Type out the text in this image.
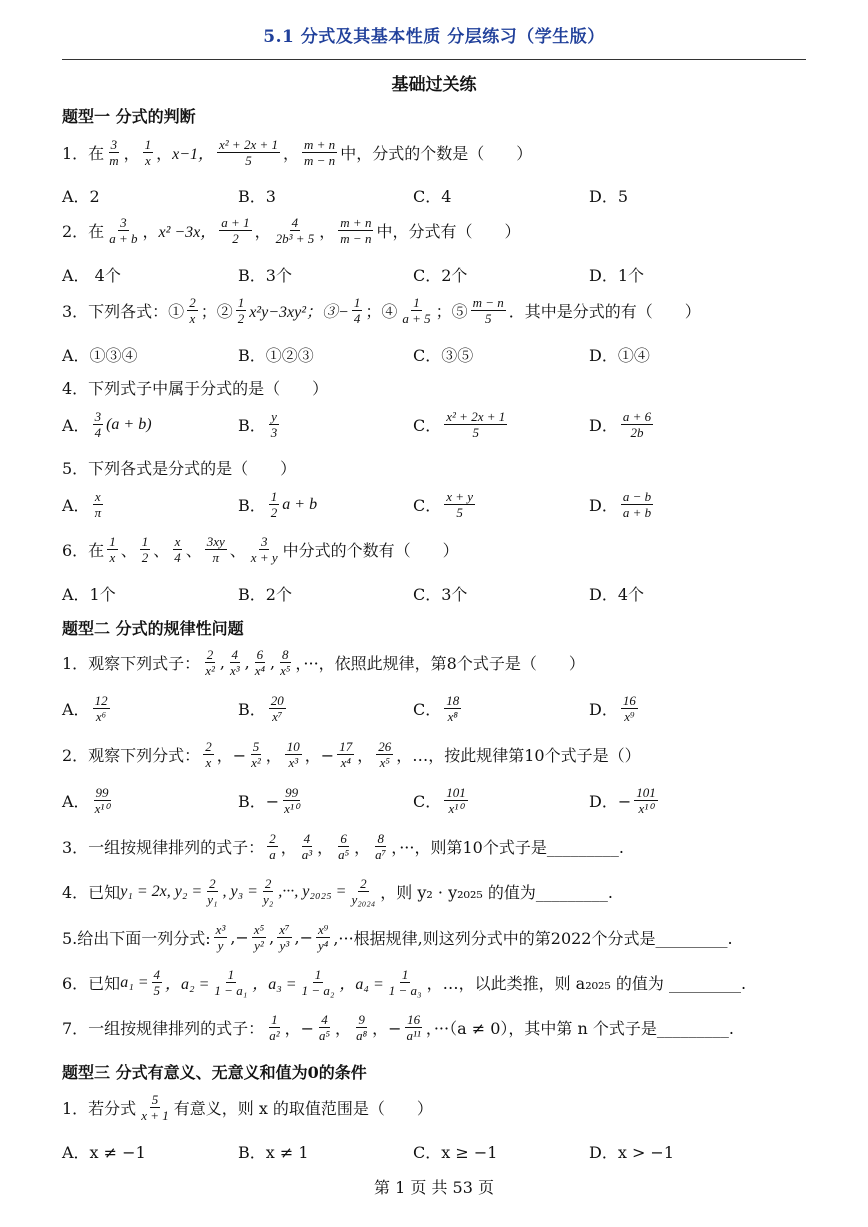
5.1 分式及其基本性质 分层练习（学生版）
基础过关练
题型一 分式的判断
1．在 $\frac{3}{m}$ ， $\frac{1}{x}$ ， x−1， $\frac{\text{x² + 2x + 1}}{5}$ ， $\frac{m + n}{m - n}$ 中，分式的个数是（　　）
A．2	B．3	C．4	D．5
2．在 $\frac{3}{a + b}$ ， x² −3x， $\frac{a + 1}{2}$ ， $\frac{4}{\text{2b³ + 5}}$ ， $\frac{m + n}{m - n}$ 中，分式有（　　）
A． 4个	B．3个	C．2个	D．1个
3．下列各式：① $\frac{2}{x}$ ；② $\frac{1}{2} x^2y-3xy^2$；③− $\frac{1}{4}$ ；④ $\frac{1}{a + 5}$ ；⑤ $\frac{m - n}{5}$ ．其中是分式的有（　　）
A．①③④	B．①②③	C．③⑤	D．①④
4．下列式子中属于分式的是（　　）
A． $\frac{3}{4} (a + b)$	B． $\frac{y}{3}$	C． $\frac{\text{x² + 2x + 1}}{5}$	D． $\frac{a + 6}{2b}$
5．下列各式是分式的是（　　）
A． $\frac{x}{\pi}$	B． $\frac{1}{2}$ a + b	C． $\frac{x + y}{5}$	D． $\frac{a - b}{a + b}$
6．在 $\frac{1}{x}$ 、 $\frac{1}{2}$ 、 $\frac{x}{4}$ 、 $\frac{3xy}{\pi}$ 、 $\frac{3}{x + y}$ 中分式的个数有（　　）
A．1个	B．2个	C．3个	D．4个
题型二 分式的规律性问题
1．观察下列式子： $\frac{2}{\text{x²}}$ , $\frac{4}{\text{x³}}$ , $\frac{6}{\text{x⁴}}$ , $\frac{8}{\text{x⁵}}$ ，···，依照此规律，第8个式子是（　　）
A． $\frac{12}{\text{x⁶}}$	B． $\frac{20}{\text{x⁷}}$	C． $\frac{18}{\text{x⁸}}$	D． $\frac{16}{\text{x⁹}}$
2．观察下列分式： $\frac{2}{x}$ ，− $\frac{5}{\text{x²}}$ ， $\frac{10}{\text{x³}}$ ，− $\frac{17}{\text{x⁴}}$ ， $\frac{26}{\text{x⁵}}$ ，…，按此规律第10个式子是（）
A． $\frac{99}{\text{x¹⁰}}$	B．− $\frac{99}{\text{x¹⁰}}$	C． $\frac{101}{\text{x¹⁰}}$	D．− $\frac{101}{\text{x¹⁰}}$
3．一组按规律排列的式子： $\frac{2}{a}$ ， $\frac{4}{\text{a³}}$ ， $\frac{6}{\text{a⁵}}$ ， $\frac{8}{\text{a⁷}}$ ，···，则第10个式子是_________.
4．已知 y₁ = 2x, $y_2 = \frac{2}{\text{y₁}}$ , $y_3 = \frac{2}{\text{y₂}}$ ,···, $y_{2025} = \frac{2}{\text{y₂₀₂₄}}$ ，则 y₂ · y₂₀₂₅ 的值为_________.
5.给出下面一列分式: $\frac{\text{x³}}{y}$ ,− $\frac{\text{x⁵}}{\text{y²}}$ , $\frac{\text{x⁷}}{\text{y³}}$ ,− $\frac{\text{x⁹}}{\text{y⁴}}$ ,···根据规律,则这列分式中的第2022个分式是_________.
6．已知 $a_1 = \frac{4}{5}$ ，$a_2 = \frac{1}{\text{1 − a₁}}$ ，$a_3 = \frac{1}{\text{1 − a₂}}$ ，$a_4 = \frac{1}{\text{1 − a₃}}$ ，…，以此类推，则 a₂₀₂₅ 的值为 _________.
7．一组按规律排列的式子： $\frac{1}{\text{a²}}$ ，− $\frac{4}{\text{a⁵}}$ ， $\frac{9}{\text{a⁸}}$ ，− $\frac{16}{\text{a¹¹}}$ ，···（a ≠ 0），其中第 n 个式子是_________.
题型三 分式有意义、无意义和值为0的条件
1．若分式 $\frac{5}{x + 1}$ 有意义，则 x 的取值范围是（　　）
A．x ≠ −1	B．x ≠ 1	C．x ≥ −1	D．x > −1
第 1 页 共 53 页
